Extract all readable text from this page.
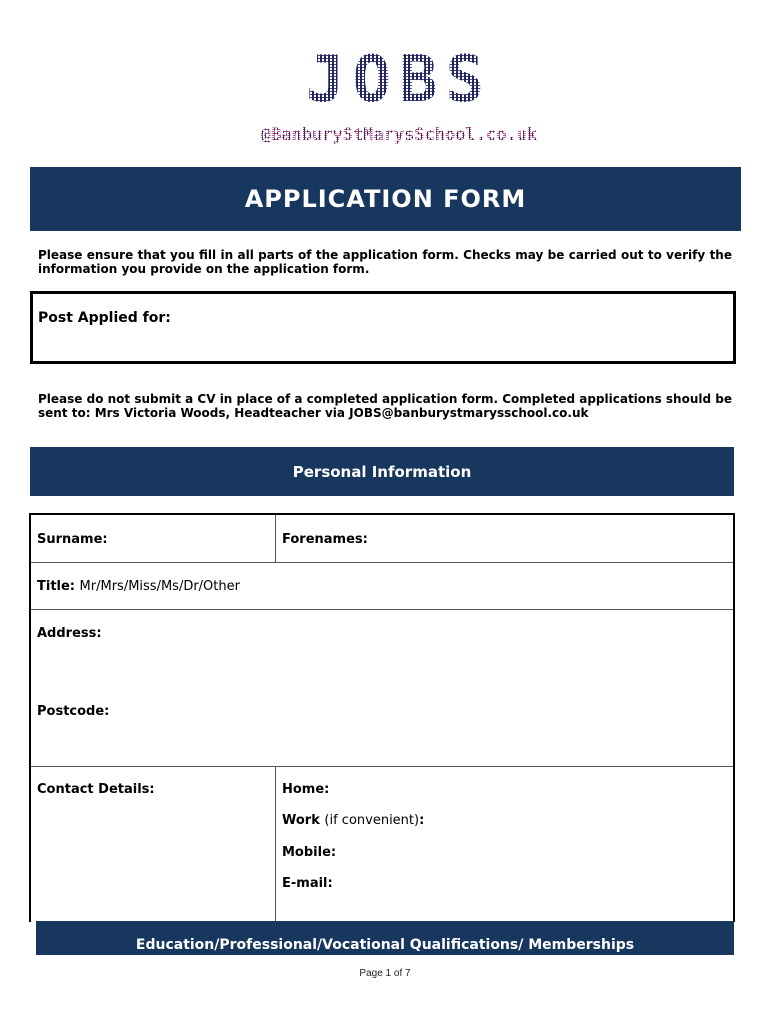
JOBS
@BanburyStMarysSchool.co.uk
APPLICATION FORM
Please ensure that you fill in all parts of the application form. Checks may be carried out to verify the information you provide on the application form.
Post Applied for:
Please do not submit a CV in place of a completed application form. Completed applications should be sent to: Mrs Victoria Woods, Headteacher via JOBS@banburystmarysschool.co.uk
Personal Information
Surname:	Forenames:
Title: Mr/Mrs/Miss/Ms/Dr/Other
Address:
Postcode:
Contact Details:	Home:
Work (if convenient):
Mobile:
E-mail:
Education/Professional/Vocational Qualifications/ Memberships
Page 1 of 7
